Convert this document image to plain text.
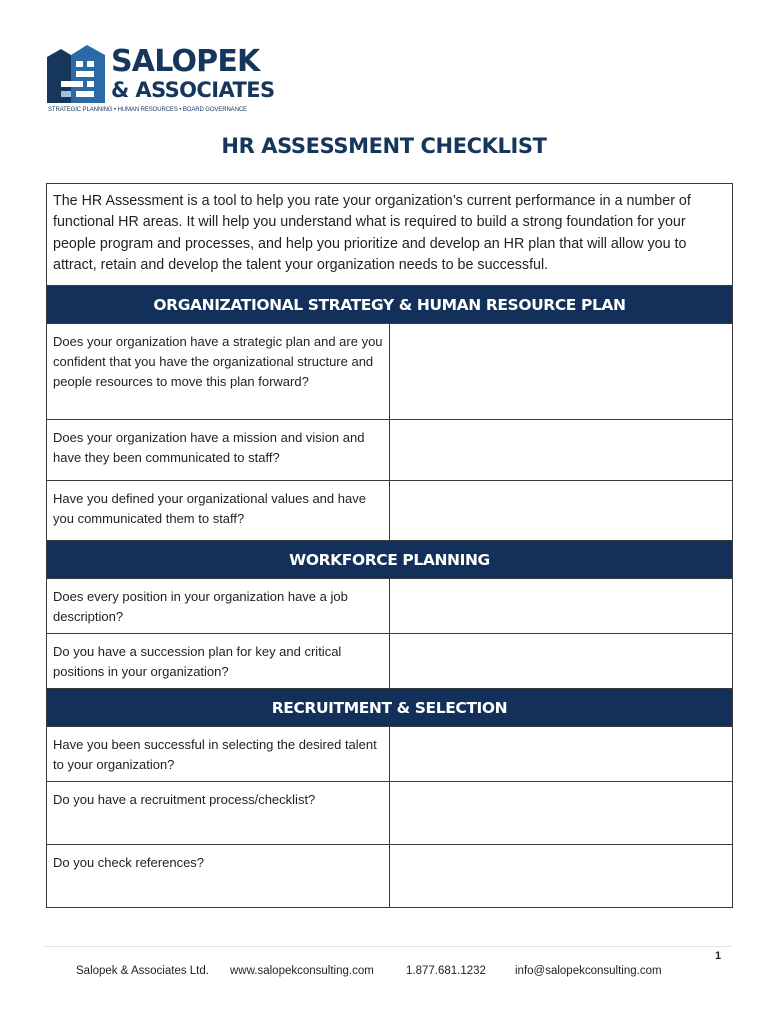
SALOPEK
& ASSOCIATES
STRATEGIC PLANNING • HUMAN RESOURCES • BOARD GOVERNANCE
HR ASSESSMENT CHECKLIST
The HR Assessment is a tool to help you rate your organization’s current performance in a number of functional HR areas. It will help you understand what is required to build a strong foundation for your people program and processes, and help you prioritize and develop an HR plan that will allow you to attract, retain and develop the talent your organization needs to be successful.	
ORGANIZATIONAL STRATEGY & HUMAN RESOURCE PLAN	
Does your organization have a strategic plan and are you confident that you have the organizational structure and people resources to move this plan forward?	
Does your organization have a mission and vision and have they been communicated to staff?	
Have you defined your organizational values and have you communicated them to staff?	
WORKFORCE PLANNING	
Does every position in your organization have a job description?	
Do you have a succession plan for key and critical positions in your organization?	
RECRUITMENT & SELECTION	
Have you been successful in selecting the desired talent to your organization?	
Do you have a recruitment process/checklist?	
Do you check references?	
1
Salopek & Associates Ltd. www.salopekconsulting.com	1.877.681.1232	info@salopekconsulting.com
